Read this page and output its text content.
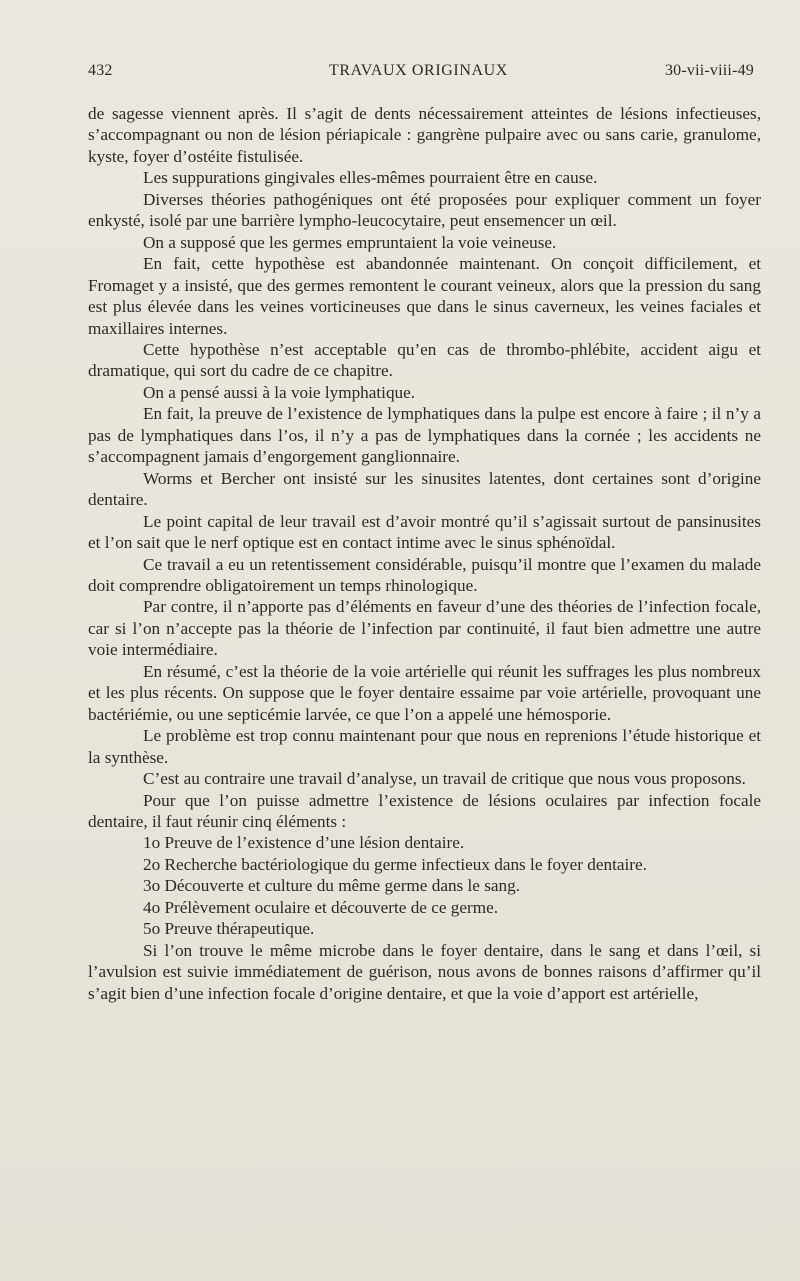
432	TRAVAUX ORIGINAUX	30-vii-viii-49

de sagesse viennent après. Il s’agit de dents nécessairement atteintes de lésions infectieuses, s’accompagnant ou non de lésion périapicale : gangrène pulpaire avec ou sans carie, granulome, kyste, foyer d’ostéite fistulisée.

Les suppurations gingivales elles-mêmes pourraient être en cause.

Diverses théories pathogéniques ont été proposées pour expliquer comment un foyer enkysté, isolé par une barrière lympho-leucocytaire, peut ensemencer un œil.

On a supposé que les germes empruntaient la voie veineuse.

En fait, cette hypothèse est abandonnée maintenant. On conçoit difficilement, et Fromaget y a insisté, que des germes remontent le courant veineux, alors que la pression du sang est plus élevée dans les veines vorticineuses que dans le sinus caverneux, les veines faciales et maxillaires internes.

Cette hypothèse n’est acceptable qu’en cas de thrombo-phlébite, accident aigu et dramatique, qui sort du cadre de ce chapitre.

On a pensé aussi à la voie lymphatique.

En fait, la preuve de l’existence de lymphatiques dans la pulpe est encore à faire ; il n’y a pas de lymphatiques dans l’os, il n’y a pas de lymphatiques dans la cornée ; les accidents ne s’accompagnent jamais d’engorgement ganglionnaire.

Worms et Bercher ont insisté sur les sinusites latentes, dont certaines sont d’origine dentaire.

Le point capital de leur travail est d’avoir montré qu’il s’agissait surtout de pansinusites et l’on sait que le nerf optique est en contact intime avec le sinus sphénoïdal.

Ce travail a eu un retentissement considérable, puisqu’il montre que l’examen du malade doit comprendre obligatoirement un temps rhinologique.

Par contre, il n’apporte pas d’éléments en faveur d’une des théories de l’infection focale, car si l’on n’accepte pas la théorie de l’infection par continuité, il faut bien admettre une autre voie intermédiaire.

En résumé, c’est la théorie de la voie artérielle qui réunit les suffrages les plus nombreux et les plus récents. On suppose que le foyer dentaire essaime par voie artérielle, provoquant une bactériémie, ou une septicémie larvée, ce que l’on a appelé une hémosporie.

Le problème est trop connu maintenant pour que nous en reprenions l’étude historique et la synthèse.

C’est au contraire une travail d’analyse, un travail de critique que nous vous proposons.

Pour que l’on puisse admettre l’existence de lésions oculaires par infection focale dentaire, il faut réunir cinq éléments :

1o Preuve de l’existence d’une lésion dentaire.

2o Recherche bactériologique du germe infectieux dans le foyer dentaire.

3o Découverte et culture du même germe dans le sang.

4o Prélèvement oculaire et découverte de ce germe.

5o Preuve thérapeutique.

Si l’on trouve le même microbe dans le foyer dentaire, dans le sang et dans l’œil, si l’avulsion est suivie immédiatement de guérison, nous avons de bonnes raisons d’affirmer qu’il s’agit bien d’une infection focale d’origine dentaire, et que la voie d’apport est artérielle,
